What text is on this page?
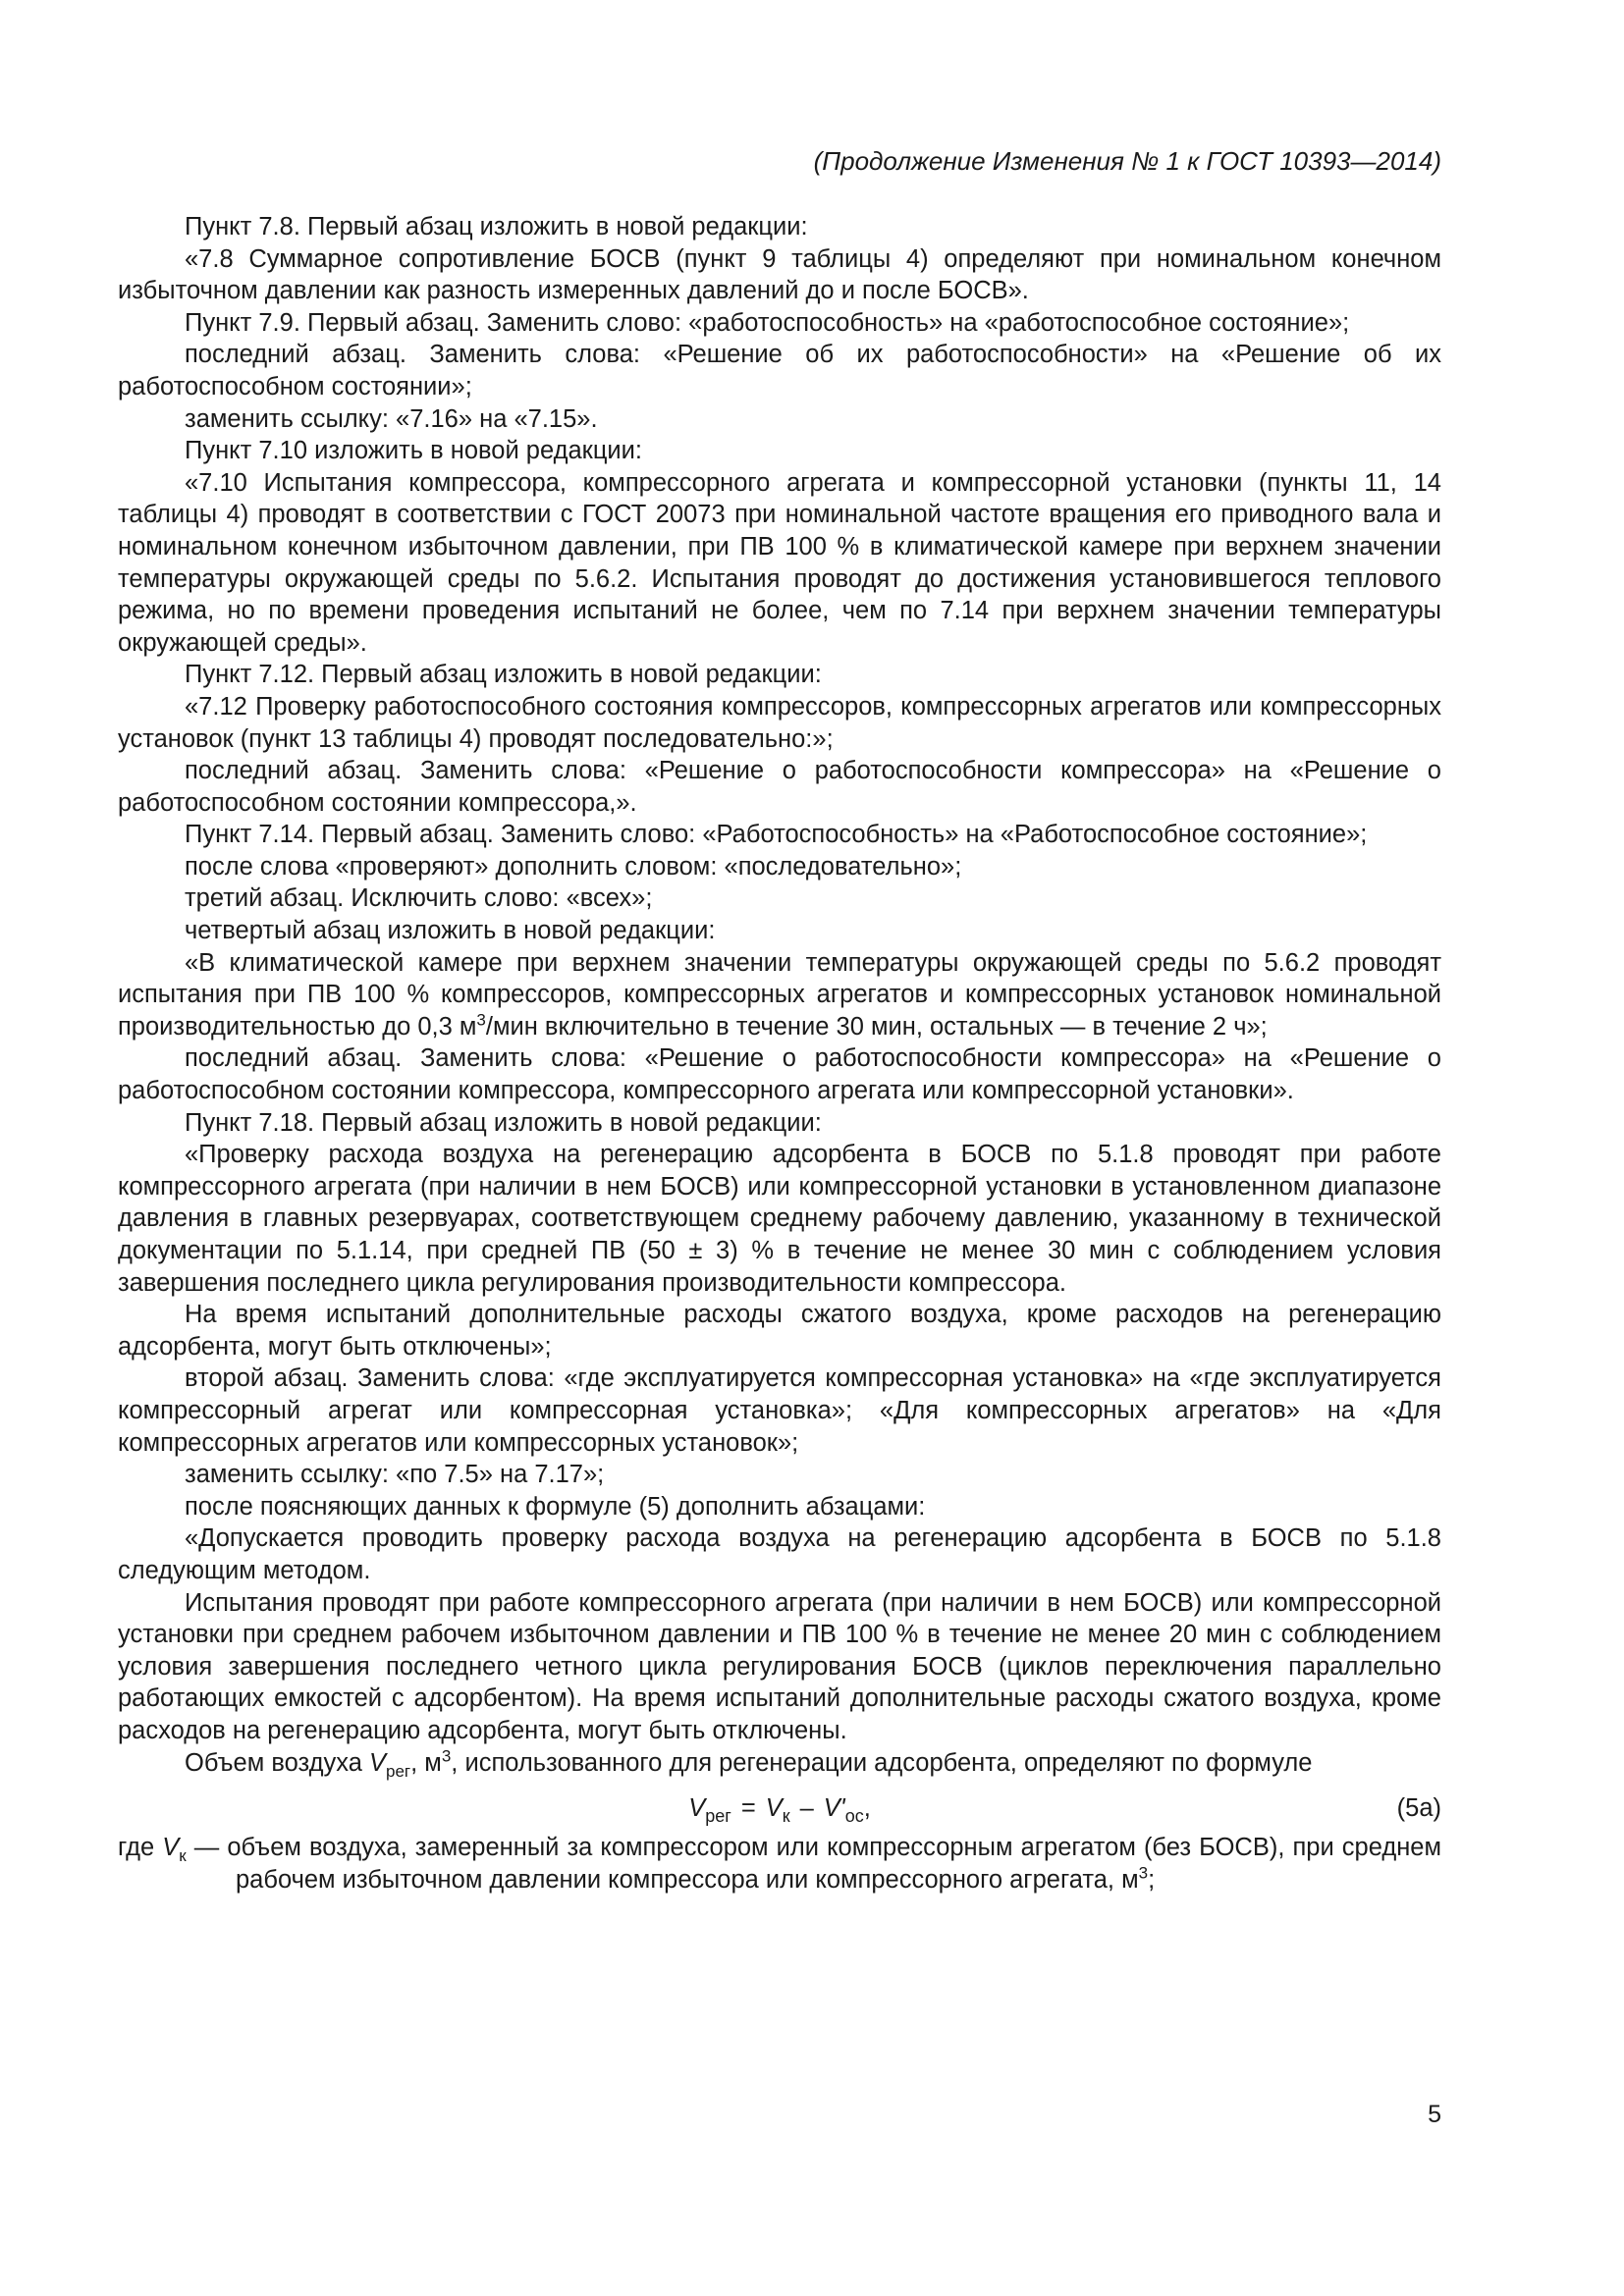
(Продолжение Изменения № 1 к ГОСТ 10393—2014)

Пункт 7.8. Первый абзац изложить в новой редакции:

«7.8 Суммарное сопротивление БОСВ (пункт 9 таблицы 4) определяют при номинальном конечном избыточном давлении как разность измеренных давлений до и после БОСВ».

Пункт 7.9. Первый абзац. Заменить слово: «работоспособность» на «работоспособное состояние»;

последний абзац. Заменить слова: «Решение об их работоспособности» на «Решение об их работоспособном состоянии»;

заменить ссылку: «7.16» на «7.15».

Пункт 7.10 изложить в новой редакции:

«7.10 Испытания компрессора, компрессорного агрегата и компрессорной установки (пункты 11, 14 таблицы 4) проводят в соответствии с ГОСТ 20073 при номинальной частоте вращения его приводного вала и номинальном конечном избыточном давлении, при ПВ 100 % в климатической камере при верхнем значении температуры окружающей среды по 5.6.2. Испытания проводят до достижения установившегося теплового режима, но по времени проведения испытаний не более, чем по 7.14 при верхнем значении температуры окружающей среды».

Пункт 7.12. Первый абзац изложить в новой редакции:

«7.12 Проверку работоспособного состояния компрессоров, компрессорных агрегатов или компрессорных установок (пункт 13 таблицы 4) проводят последовательно:»;

последний абзац. Заменить слова: «Решение о работоспособности компрессора» на «Решение о работоспособном состоянии компрессора,».

Пункт 7.14. Первый абзац. Заменить слово: «Работоспособность» на «Работоспособное состояние»;

после слова «проверяют» дополнить словом: «последовательно»;

третий абзац. Исключить слово: «всех»;

четвертый абзац изложить в новой редакции:

«В климатической камере при верхнем значении температуры окружающей среды по 5.6.2 проводят испытания при ПВ 100 % компрессоров, компрессорных агрегатов и компрессорных установок номинальной производительностью до 0,3 $м^3$/мин включительно в течение 30 мин, остальных — в течение 2 ч»;

последний абзац. Заменить слова: «Решение о работоспособности компрессора» на «Решение о работоспособном состоянии компрессора, компрессорного агрегата или компрессорной установки».

Пункт 7.18. Первый абзац изложить в новой редакции:

«Проверку расхода воздуха на регенерацию адсорбента в БОСВ по 5.1.8 проводят при работе компрессорного агрегата (при наличии в нем БОСВ) или компрессорной установки в установленном диапазоне давления в главных резервуарах, соответствующем среднему рабочему давлению, указанному в технической документации по 5.1.14, при средней ПВ (50 ± 3) % в течение не менее 30 мин с соблюдением условия завершения последнего цикла регулирования производительности компрессора.

На время испытаний дополнительные расходы сжатого воздуха, кроме расходов на регенерацию адсорбента, могут быть отключены»;

второй абзац. Заменить слова: «где эксплуатируется компрессорная установка» на «где эксплуатируется компрессорный агрегат или компрессорная установка»; «Для компрессорных агрегатов» на «Для компрессорных агрегатов или компрессорных установок»;

заменить ссылку: «по 7.5» на 7.17»;

после поясняющих данных к формуле (5) дополнить абзацами:

«Допускается проводить проверку расхода воздуха на регенерацию адсорбента в БОСВ по 5.1.8 следующим методом.

Испытания проводят при работе компрессорного агрегата (при наличии в нем БОСВ) или компрессорной установки при среднем рабочем избыточном давлении и ПВ 100 % в течение не менее 20 мин с соблюдением условия завершения последнего четного цикла регулирования БОСВ (циклов переключения параллельно работающих емкостей с адсорбентом). На время испытаний дополнительные расходы сжатого воздуха, кроме расходов на регенерацию адсорбента, могут быть отключены.

Объем воздуха $V_{рег}$, $м^3$, использованного для регенерации адсорбента, определяют по формуле

$V_{рег} = V_к - V'_{ос}$,	(5а)

где $V_к$ — объем воздуха, замеренный за компрессором или компрессорным агрегатом (без БОСВ), при среднем рабочем избыточном давлении компрессора или компрессорного агрегата, $м^3$;

5
